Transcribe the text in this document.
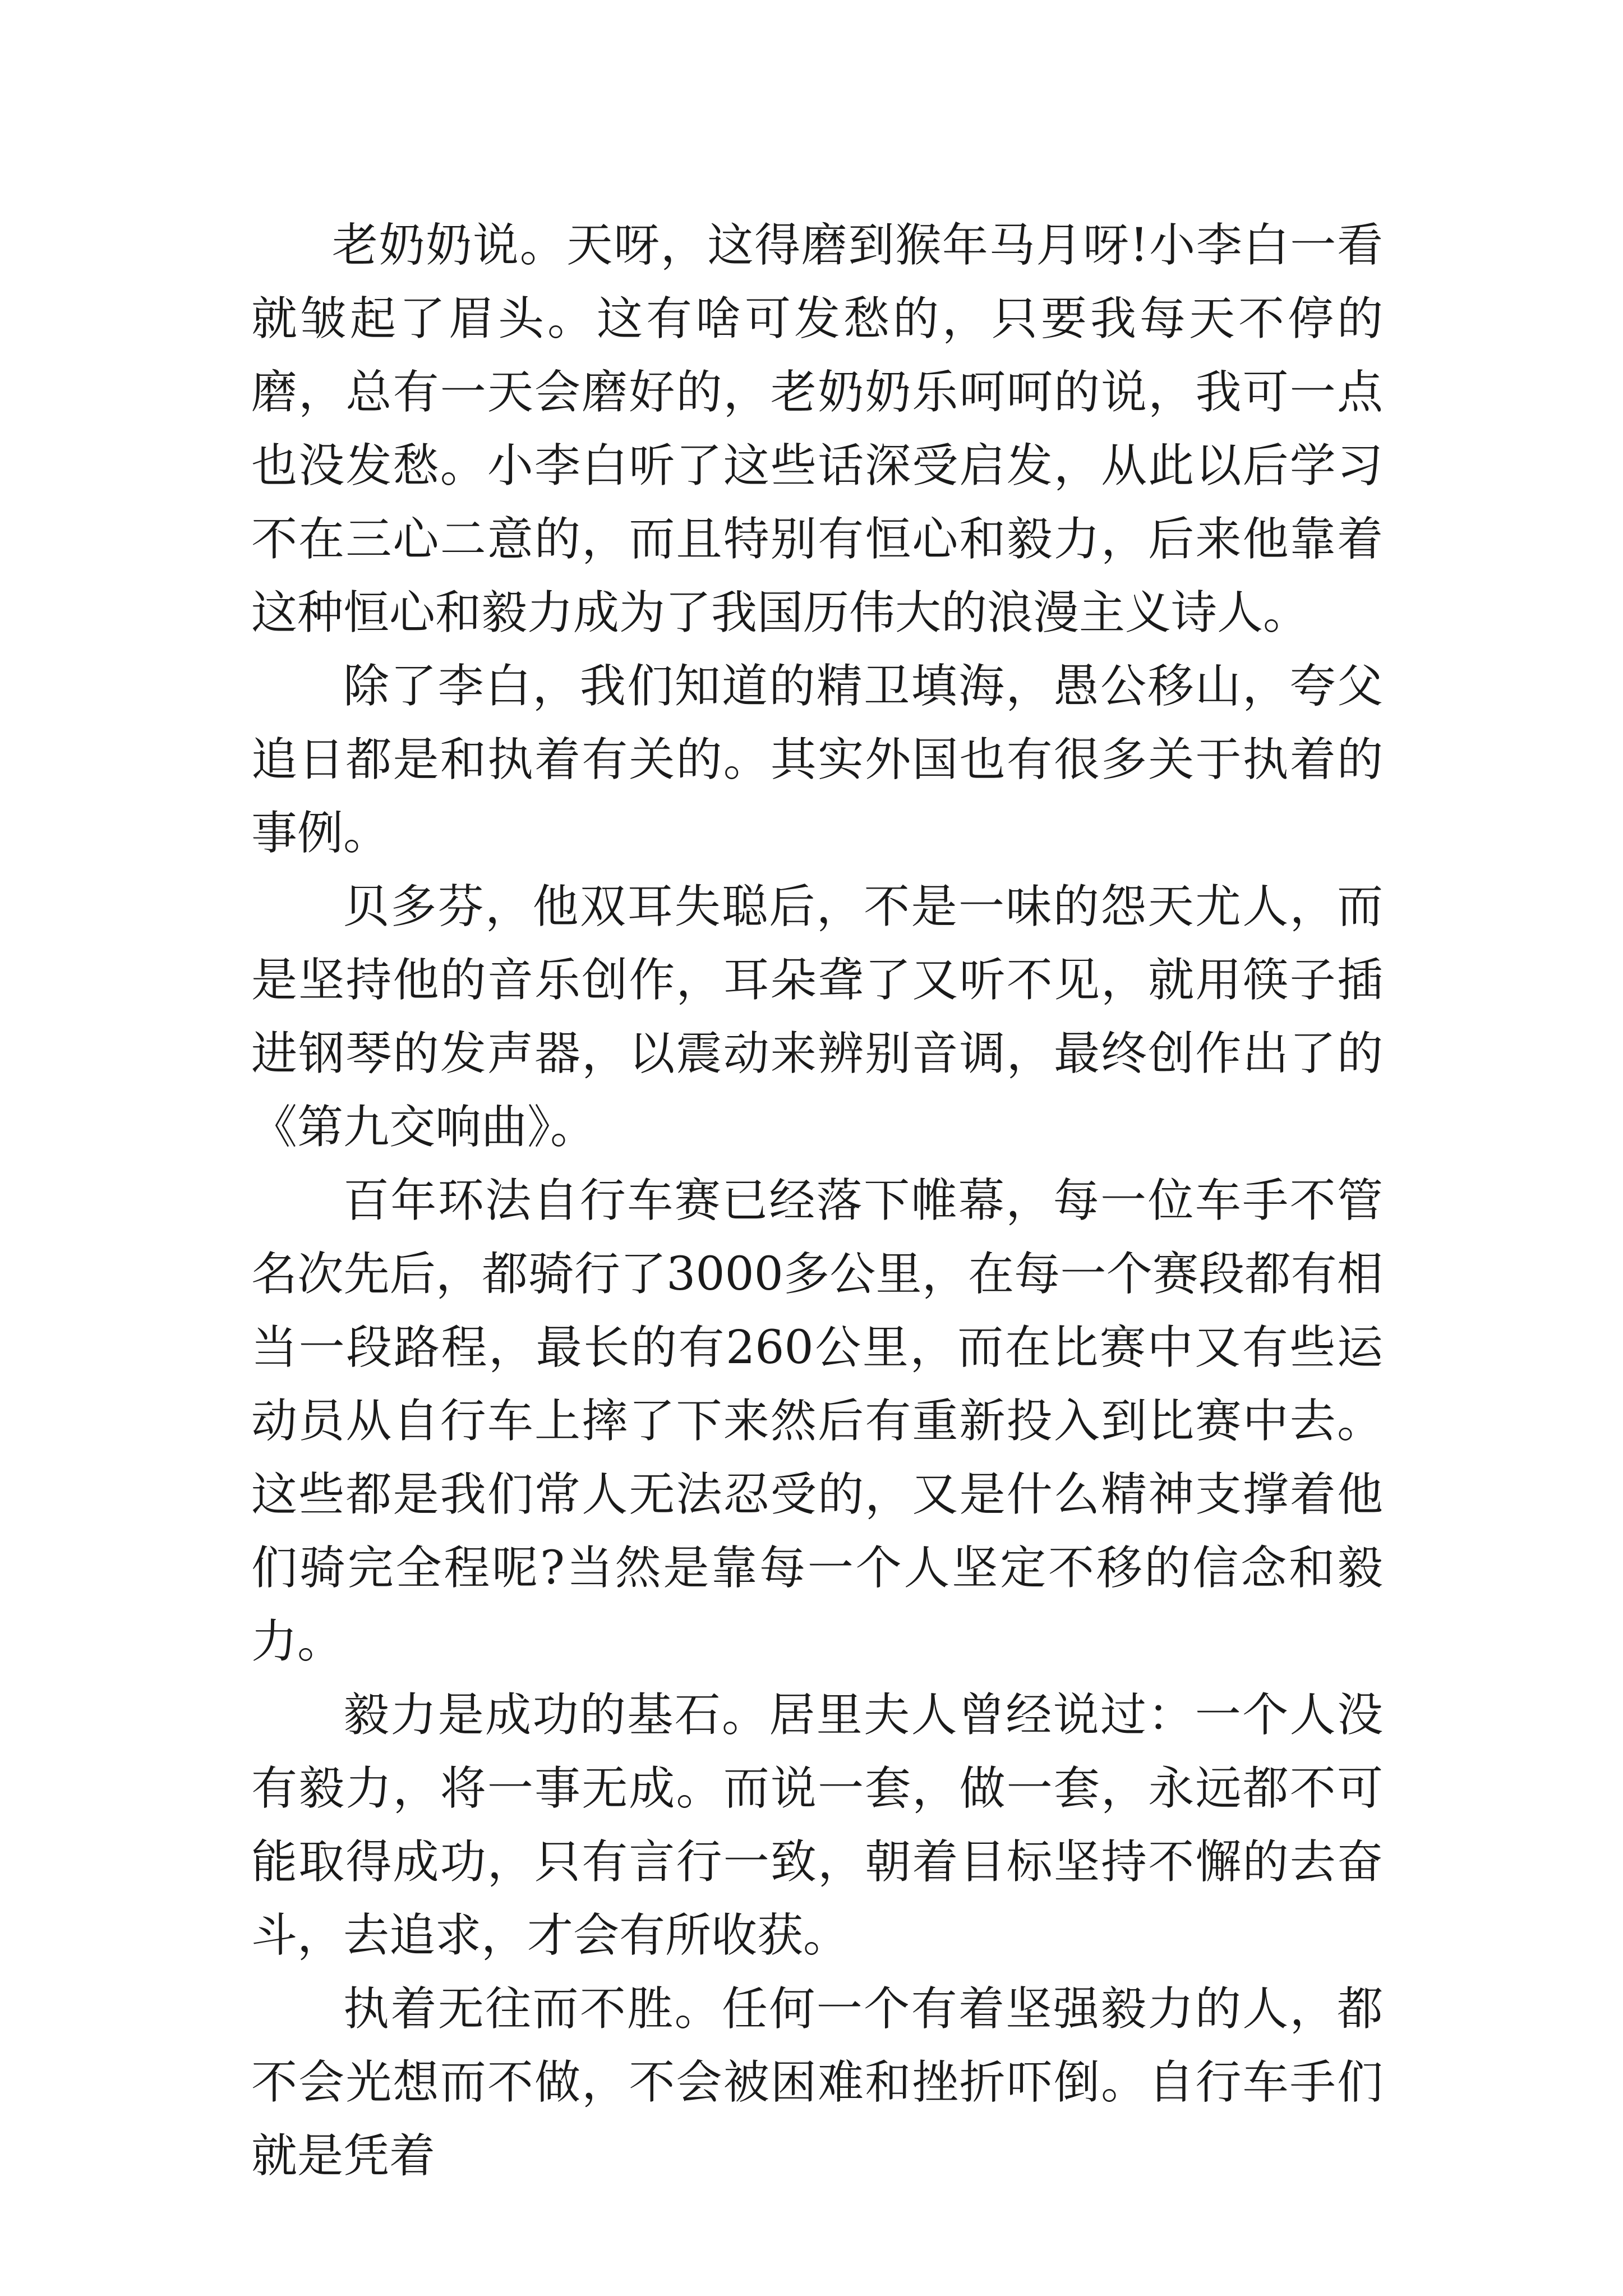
老奶奶说。天呀，这得磨到猴年马月呀!小李白一看就皱起了眉头。这有啥可发愁的，只要我每天不停的磨，总有一天会磨好的，老奶奶乐呵呵的说，我可一点也没发愁。小李白听了这些话深受启发，从此以后学习不在三心二意的，而且特别有恒心和毅力，后来他靠着这种恒心和毅力成为了我国历伟大的浪漫主义诗人。

除了李白，我们知道的精卫填海，愚公移山，夸父追日都是和执着有关的。其实外国也有很多关于执着的事例。

贝多芬，他双耳失聪后，不是一味的怨天尤人，而是坚持他的音乐创作，耳朵聋了又听不见，就用筷子插进钢琴的发声器，以震动来辨别音调，最终创作出了的《第九交响曲》。

百年环法自行车赛已经落下帷幕，每一位车手不管名次先后，都骑行了3000多公里，在每一个赛段都有相当一段路程，最长的有260公里，而在比赛中又有些运动员从自行车上摔了下来然后有重新投入到比赛中去。这些都是我们常人无法忍受的，又是什么精神支撑着他们骑完全程呢?当然是靠每一个人坚定不移的信念和毅力。

毅力是成功的基石。居里夫人曾经说过：一个人没有毅力，将一事无成。而说一套，做一套，永远都不可能取得成功，只有言行一致，朝着目标坚持不懈的去奋斗，去追求，才会有所收获。

执着无往而不胜。任何一个有着坚强毅力的人，都不会光想而不做，不会被困难和挫折吓倒。自行车手们就是凭着
